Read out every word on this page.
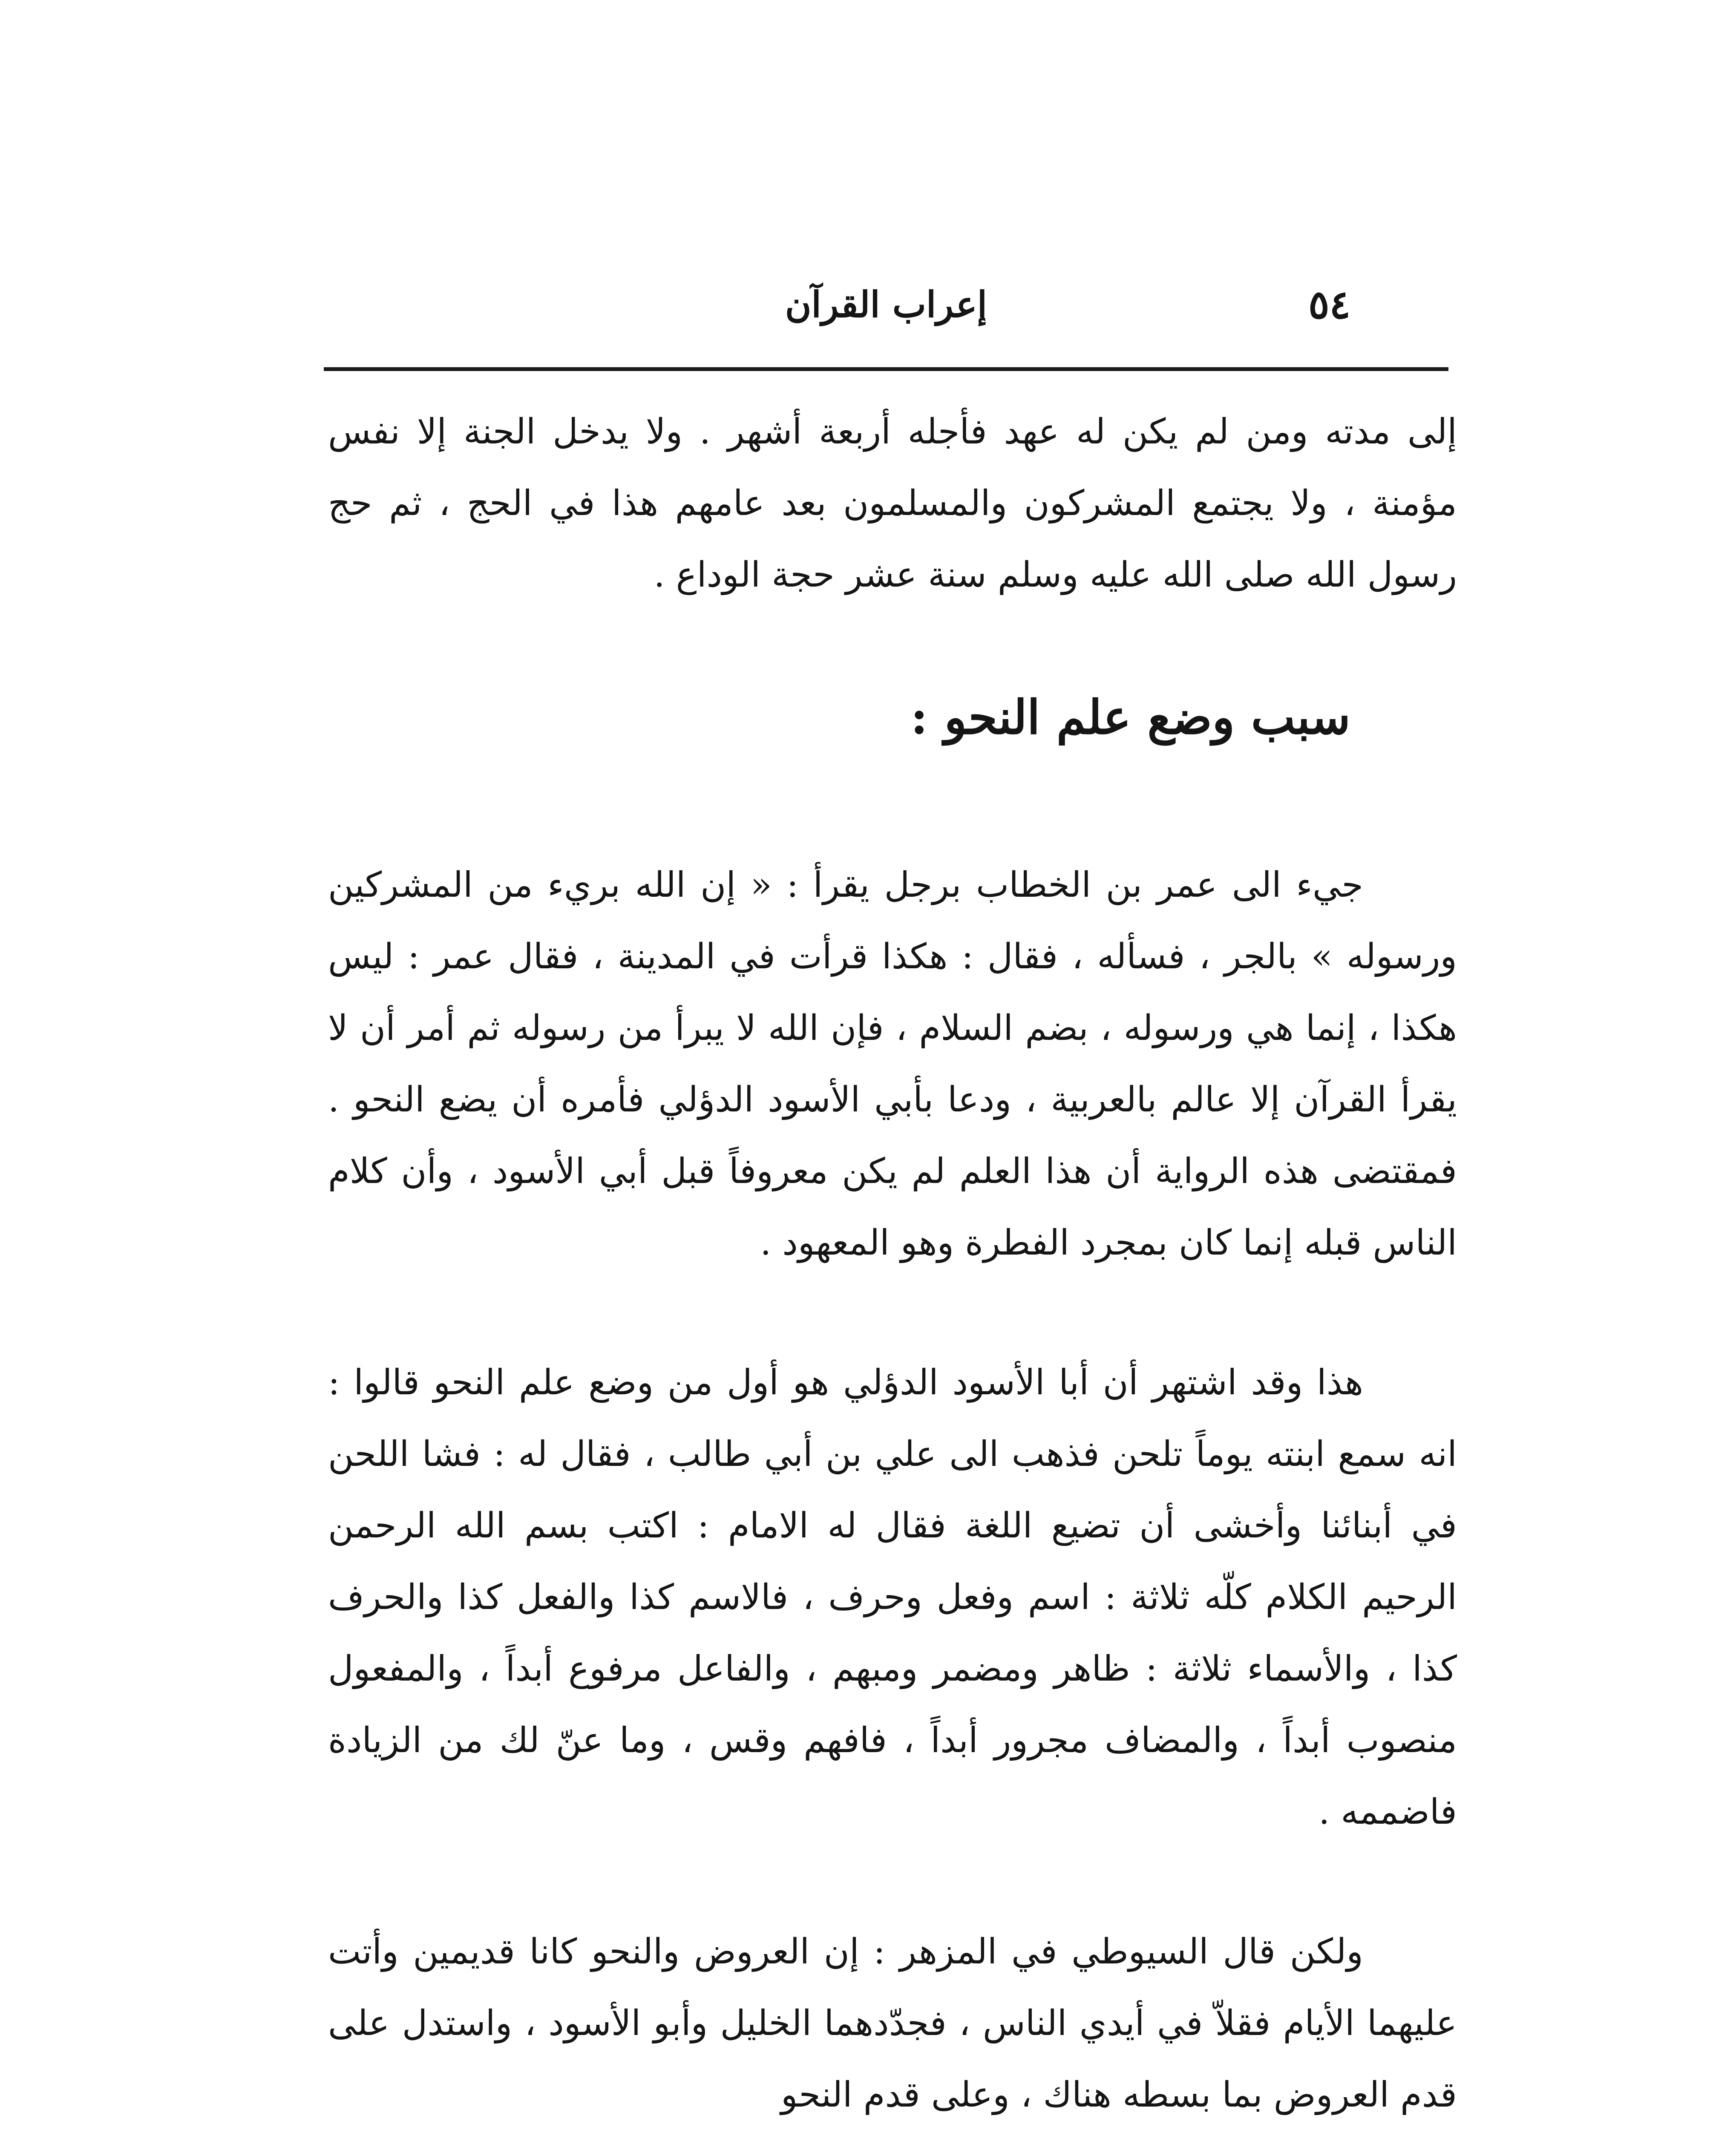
٥٤
إعراب القرآن

إلى مدته ومن لم يكن له عهد فأجله أربعة أشهر . ولا يدخل الجنة إلا نفس مؤمنة ، ولا يجتمع المشركون والمسلمون بعد عامهم هذا في الحج ، ثم حج رسول الله صلى الله عليه وسلم سنة عشر حجة الوداع .

سبب وضع علم النحو :

جيء الى عمر بن الخطاب برجل يقرأ : « إن الله بريء من المشركين ورسوله » بالجر ، فسأله ، فقال : هكذا قرأت في المدينة ، فقال عمر : ليس هكذا ، إنما هي ورسوله ، بضم السلام ، فإن الله لا يبرأ من رسوله ثم أمر أن لا يقرأ القرآن إلا عالم بالعربية ، ودعا بأبي الأسود الدؤلي فأمره أن يضع النحو . فمقتضى هذه الرواية أن هذا العلم لم يكن معروفاً قبل أبي الأسود ، وأن كلام الناس قبله إنما كان بمجرد الفطرة وهو المعهود .

هذا وقد اشتهر أن أبا الأسود الدؤلي هو أول من وضع علم النحو قالوا : انه سمع ابنته يوماً تلحن فذهب الى علي بن أبي طالب ، فقال له : فشا اللحن في أبنائنا وأخشى أن تضيع اللغة فقال له الامام : اكتب بسم الله الرحمن الرحيم الكلام كلّه ثلاثة : اسم وفعل وحرف ، فالاسم كذا والفعل كذا والحرف كذا ، والأسماء ثلاثة : ظاهر ومضمر ومبهم ، والفاعل مرفوع أبداً ، والمفعول منصوب أبداً ، والمضاف مجرور أبداً ، فافهم وقس ، وما عنّ لك من الزيادة فاضممه .

ولكن قال السيوطي في المزهر : إن العروض والنحو كانا قديمين وأتت عليهما الأيام فقلاّ في أيدي الناس ، فجدّدهما الخليل وأبو الأسود ، واستدل على قدم العروض بما بسطه هناك ، وعلى قدم النحو
